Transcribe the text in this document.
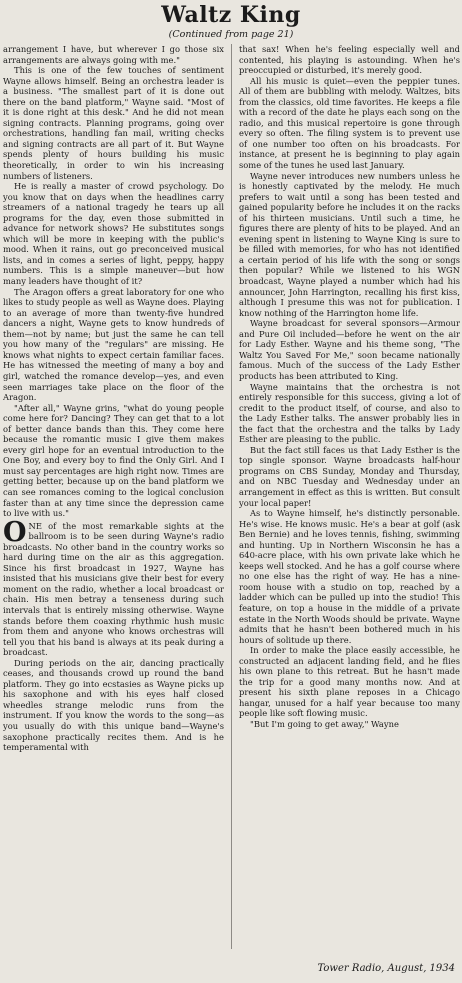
Waltz King
(Continued from page 21)

arrangement I have, but wherever I go those six arrangements are always going with me."

This is one of the few touches of sentiment Wayne allows himself. Being an orchestra leader is a business. "The smallest part of it is done out there on the band platform," Wayne said. "Most of it is done right at this desk." And he did not mean signing contracts. Planning programs, going over orchestrations, handling fan mail, writing checks and signing contracts are all part of it. But Wayne spends plenty of hours building his music theoretically, in order to win his increasing numbers of listeners.

He is really a master of crowd psychology. Do you know that on days when the headlines carry streamers of a national tragedy he tears up all programs for the day, even those submitted in advance for network shows? He substitutes songs which will be more in keeping with the public's mood. When it rains, out go preconceived musical lists, and in comes a series of light, peppy, happy numbers. This is a simple maneuver—but how many leaders have thought of it?

The Aragon offers a great laboratory for one who likes to study people as well as Wayne does. Playing to an average of more than twenty-five hundred dancers a night, Wayne gets to know hundreds of them—not by name; but just the same he can tell you how many of the "regulars" are missing. He knows what nights to expect certain familiar faces. He has witnessed the meeting of many a boy and girl, watched the romance develop—yes, and even seen marriages take place on the floor of the Aragon.

"After all," Wayne grins, "what do young people come here for? Dancing? They can get that to a lot of better dance bands than this. They come here because the romantic music I give them makes every girl hope for an eventual introduction to the One Boy, and every boy to find the Only Girl. And I must say percentages are high right now. Times are getting better, because up on the band platform we can see romances coming to the logical conclusion faster than at any time since the depression came to live with us."

ONE of the most remarkable sights at the ballroom is to be seen during Wayne's radio broadcasts. No other band in the country works so hard during time on the air as this aggregation. Since his first broadcast in 1927, Wayne has insisted that his musicians give their best for every moment on the radio, whether a local broadcast or chain. His men betray a tenseness during such intervals that is entirely missing otherwise. Wayne stands before them coaxing rhythmic hush music from them and anyone who knows orchestras will tell you that his band is always at its peak during a broadcast.

During periods on the air, dancing practically ceases, and thousands crowd up round the band platform. They go into ecstasies as Wayne picks up his saxophone and with his eyes half closed wheedles strange melodic runs from the instrument. If you know the words to the song—as you usually do with this unique band—Wayne's saxophone practically recites them. And is he temperamental with

that sax! When he's feeling especially well and contented, his playing is astounding. When he's preoccupied or disturbed, it's merely good.

All his music is quiet—even the peppier tunes. All of them are bubbling with melody. Waltzes, bits from the classics, old time favorites. He keeps a file with a record of the date he plays each song on the radio, and this musical repertoire is gone through every so often. The filing system is to prevent use of one number too often on his broadcasts. For instance, at present he is beginning to play again some of the tunes he used last January.

Wayne never introduces new numbers unless he is honestly captivated by the melody. He much prefers to wait until a song has been tested and gained popularity before he includes it on the racks of his thirteen musicians. Until such a time, he figures there are plenty of hits to be played. And an evening spent in listening to Wayne King is sure to be filled with memories, for who has not identified a certain period of his life with the song or songs then popular? While we listened to his WGN broadcast, Wayne played a number which had his announcer, John Harrington, recalling his first kiss, although I presume this was not for publication. I know nothing of the Harrington home life.

Wayne broadcast for several sponsors—Armour and Pure Oil included—before he went on the air for Lady Esther. Wayne and his theme song, "The Waltz You Saved For Me," soon became nationally famous. Much of the success of the Lady Esther products has been attributed to King.

Wayne maintains that the orchestra is not entirely responsible for this success, giving a lot of credit to the product itself, of course, and also to the Lady Esther talks. The answer probably lies in the fact that the orchestra and the talks by Lady Esther are pleasing to the public.

But the fact still faces us that Lady Esther is the top single sponsor. Wayne broadcasts half-hour programs on CBS Sunday, Monday and Thursday, and on NBC Tuesday and Wednesday under an arrangement in effect as this is written. But consult your local paper!

As to Wayne himself, he's distinctly personable. He's wise. He knows music. He's a bear at golf (ask Ben Bernie) and he loves tennis, fishing, swimming and hunting. Up in Northern Wisconsin he has a 640-acre place, with his own private lake which he keeps well stocked. And he has a golf course where no one else has the right of way. He has a nine-room house with a studio on top, reached by a ladder which can be pulled up into the studio! This feature, on top a house in the middle of a private estate in the North Woods should be private. Wayne admits that he hasn't been bothered much in his hours of solitude up there.

In order to make the place easily accessible, he constructed an adjacent landing field, and he flies his own plane to this retreat. But he hasn't made the trip for a good many months now. And at present his sixth plane reposes in a Chicago hangar, unused for a half year because too many people like soft flowing music.

"But I'm going to get away," Wayne

Tower Radio, August, 1934
